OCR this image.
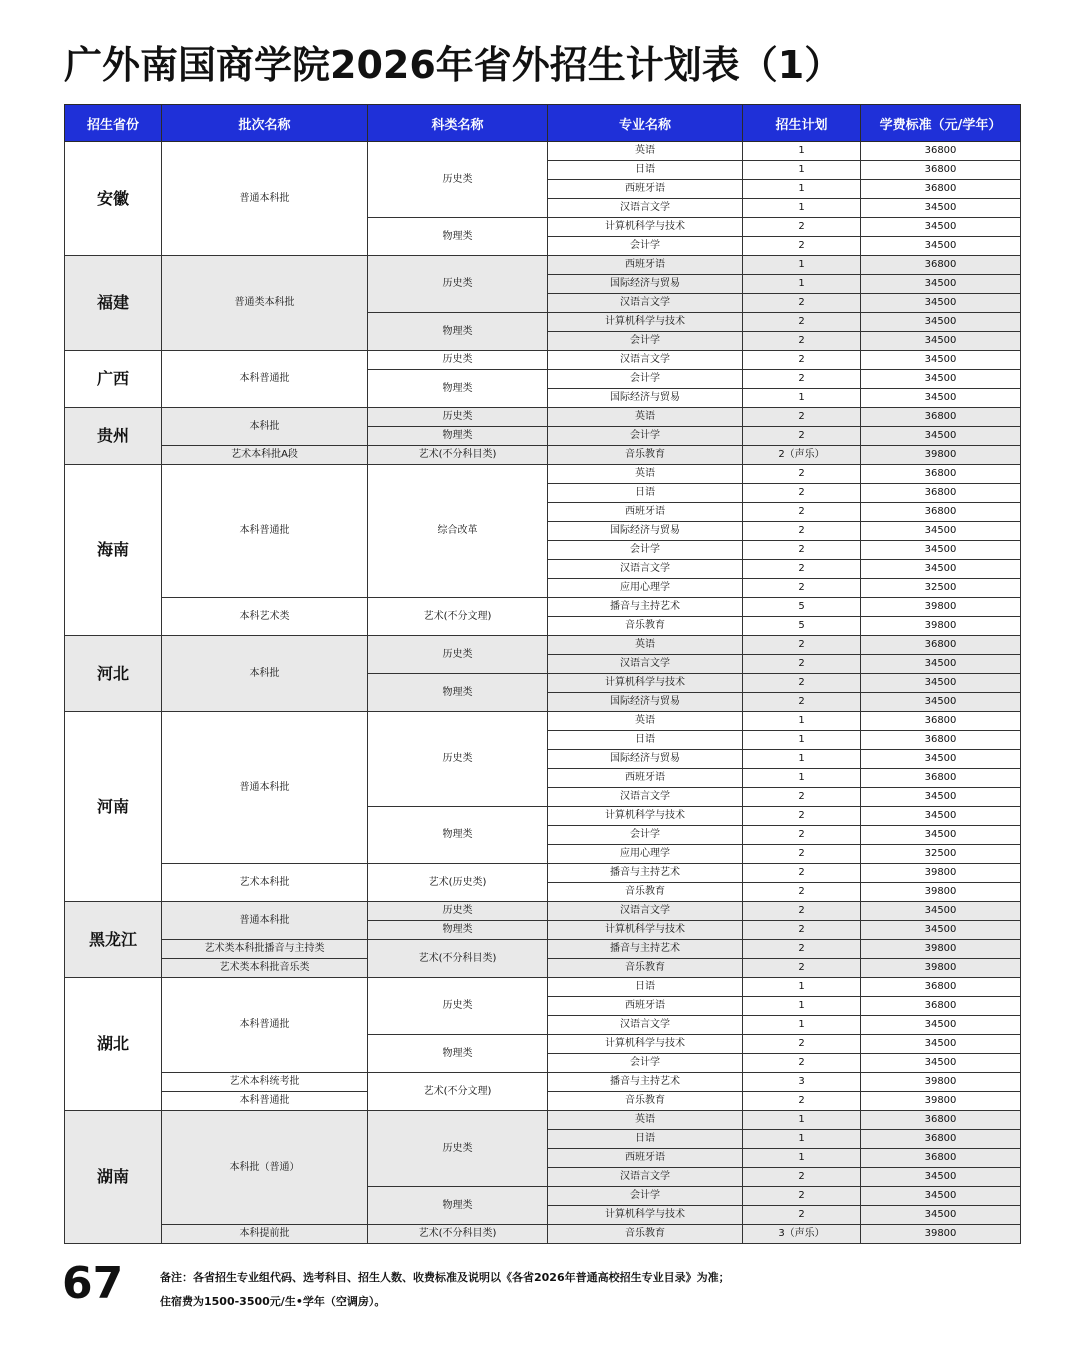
广外南国商学院2026年省外招生计划表（1）
招生省份	批次名称	科类名称	专业名称	招生计划	学费标准（元/学年）
安徽	普通本科批	历史类	英语	1	36800
			日语	1	36800
			西班牙语	1	36800
			汉语言文学	1	34500
		物理类	计算机科学与技术	2	34500
			会计学	2	34500
福建	普通类本科批	历史类	西班牙语	1	36800
			国际经济与贸易	1	34500
			汉语言文学	2	34500
		物理类	计算机科学与技术	2	34500
			会计学	2	34500
广西	本科普通批	历史类	汉语言文学	2	34500
		物理类	会计学	2	34500
			国际经济与贸易	1	34500
贵州	本科批	历史类	英语	2	36800
		物理类	会计学	2	34500
	艺术本科批A段	艺术(不分科目类)	音乐教育	2（声乐）	39800
海南	本科普通批	综合改革	英语	2	36800
			日语	2	36800
			西班牙语	2	36800
			国际经济与贸易	2	34500
			会计学	2	34500
			汉语言文学	2	34500
			应用心理学	2	32500
	本科艺术类	艺术(不分文理)	播音与主持艺术	5	39800
			音乐教育	5	39800
河北	本科批	历史类	英语	2	36800
			汉语言文学	2	34500
		物理类	计算机科学与技术	2	34500
			国际经济与贸易	2	34500
河南	普通本科批	历史类	英语	1	36800
			日语	1	36800
			国际经济与贸易	1	34500
			西班牙语	1	36800
			汉语言文学	2	34500
		物理类	计算机科学与技术	2	34500
			会计学	2	34500
			应用心理学	2	32500
	艺术本科批	艺术(历史类)	播音与主持艺术	2	39800
			音乐教育	2	39800
黑龙江	普通本科批	历史类	汉语言文学	2	34500
		物理类	计算机科学与技术	2	34500
	艺术类本科批播音与主持类	艺术(不分科目类)	播音与主持艺术	2	39800
	艺术类本科批音乐类		音乐教育	2	39800
湖北	本科普通批	历史类	日语	1	36800
			西班牙语	1	36800
			汉语言文学	1	34500
		物理类	计算机科学与技术	2	34500
			会计学	2	34500
	艺术本科统考批	艺术(不分文理)	播音与主持艺术	3	39800
	本科普通批		音乐教育	2	39800
湖南	本科批（普通）	历史类	英语	1	36800
			日语	1	36800
			西班牙语	1	36800
			汉语言文学	2	34500
		物理类	会计学	2	34500
			计算机科学与技术	2	34500
	本科提前批	艺术(不分科目类)	音乐教育	3（声乐）	39800
67	备注：各省招生专业组代码、选考科目、招生人数、收费标准及说明以《各省2026年普通高校招生专业目录》为准；
住宿费为1500-3500元/生•学年（空调房）。
